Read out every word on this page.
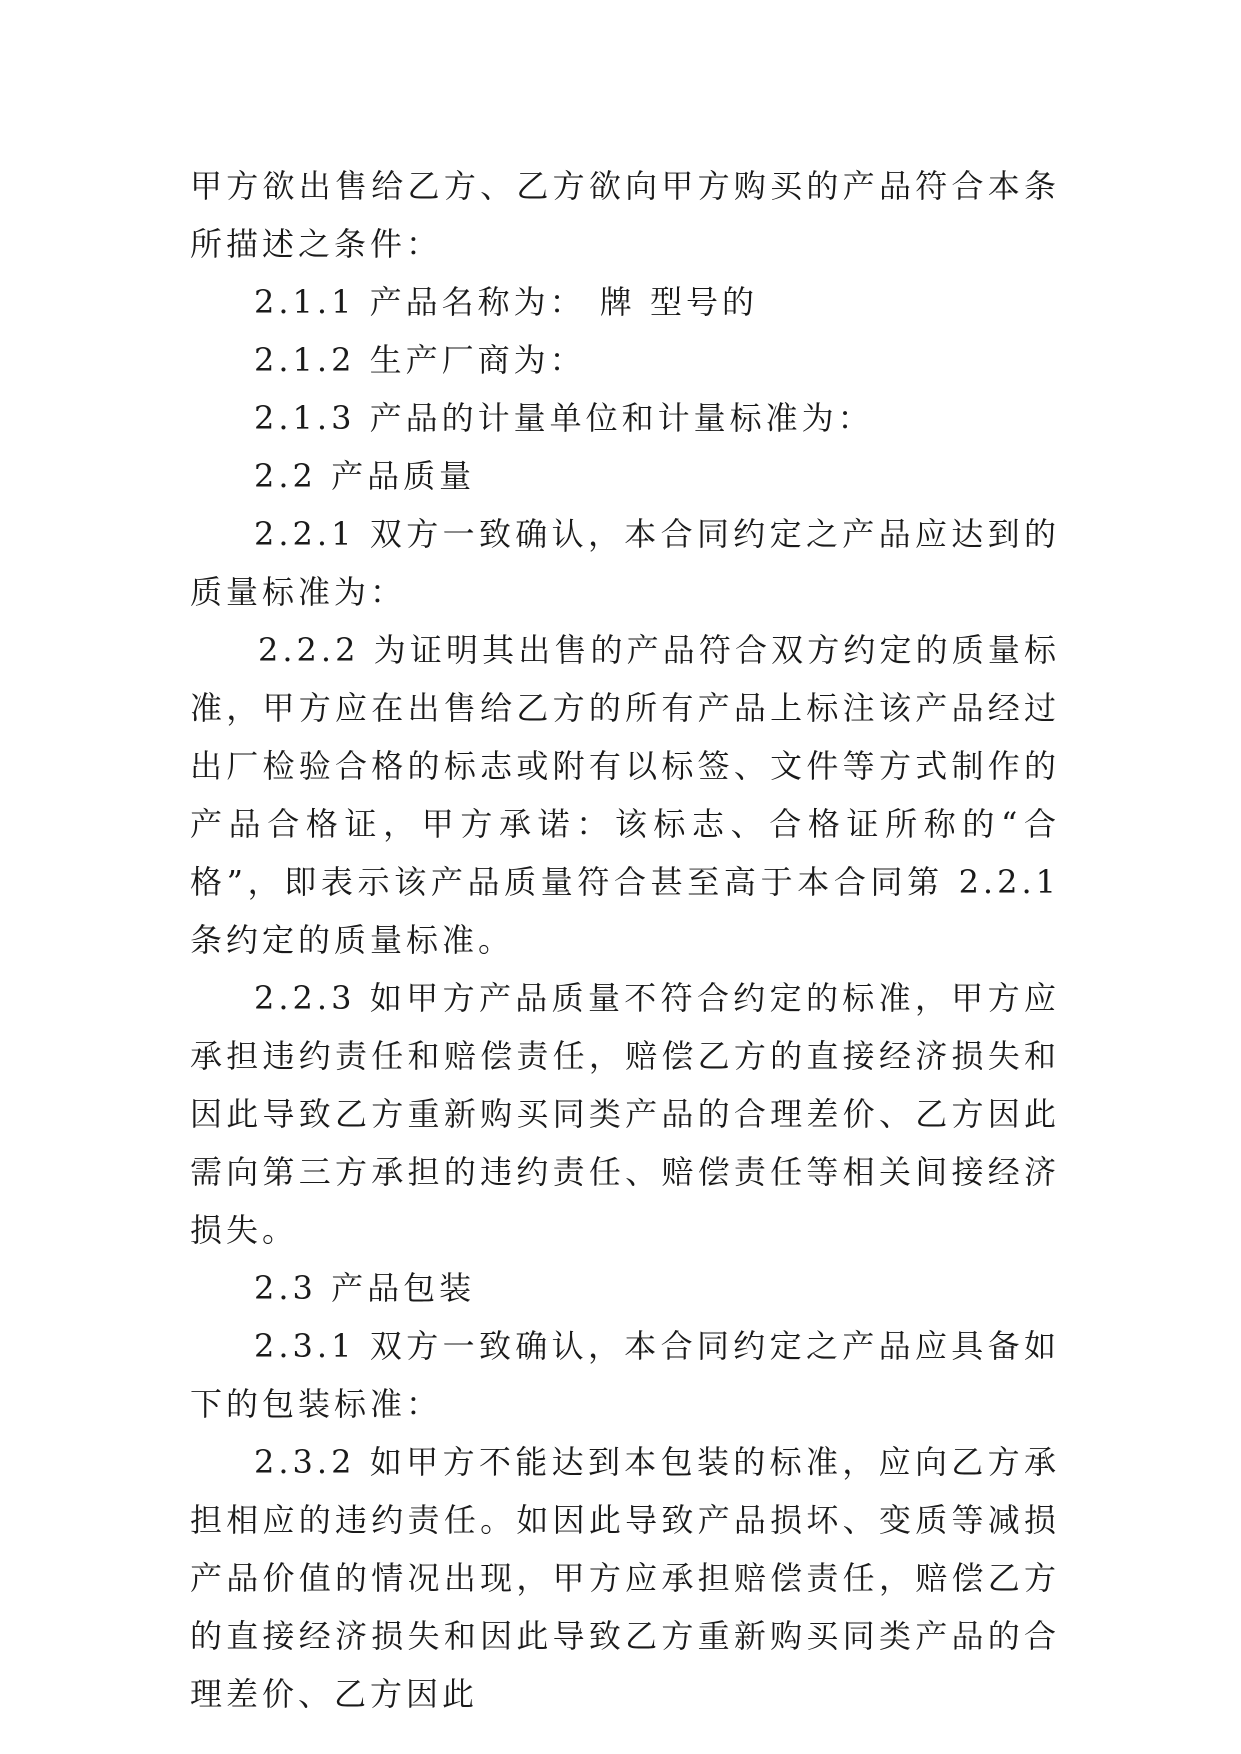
甲方欲出售给乙方、乙方欲向甲方购买的产品符合本条所描述之条件：

2.1.1 产品名称为： 牌 型号的

2.1.2 生产厂商为：

2.1.3 产品的计量单位和计量标准为：

2.2 产品质量

2.2.1 双方一致确认，本合同约定之产品应达到的质量标准为：

2.2.2 为证明其出售的产品符合双方约定的质量标准，甲方应在出售给乙方的所有产品上标注该产品经过出厂检验合格的标志或附有以标签、文件等方式制作的产品合格证，甲方承诺：该标志、合格证所称的“合格”，即表示该产品质量符合甚至高于本合同第 2.2.1 条约定的质量标准。

2.2.3 如甲方产品质量不符合约定的标准，甲方应承担违约责任和赔偿责任，赔偿乙方的直接经济损失和因此导致乙方重新购买同类产品的合理差价、乙方因此需向第三方承担的违约责任、赔偿责任等相关间接经济损失。

2.3 产品包装

2.3.1 双方一致确认，本合同约定之产品应具备如下的包装标准：

2.3.2 如甲方不能达到本包装的标准，应向乙方承担相应的违约责任。如因此导致产品损坏、变质等减损产品价值的情况出现，甲方应承担赔偿责任，赔偿乙方的直接经济损失和因此导致乙方重新购买同类产品的合理差价、乙方因此
